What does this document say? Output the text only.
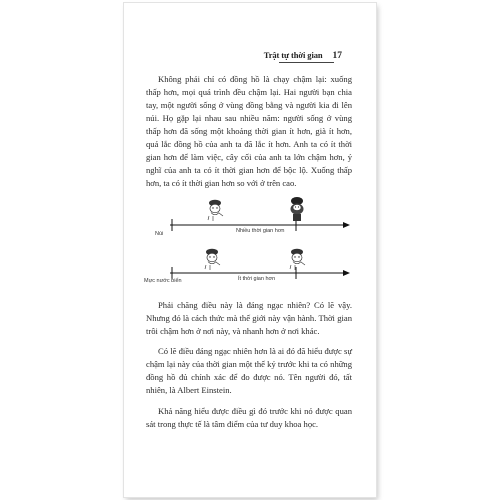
Trật tự thời gian 17

Không phải chỉ có đồng hồ là chạy chậm lại: xuống thấp hơn, mọi quá trình đều chậm lại. Hai người bạn chia tay, một người sống ở vùng đồng bằng và người kia đi lên núi. Họ gặp lại nhau sau nhiều năm: người sống ở vùng thấp hơn đã sống một khoảng thời gian ít hơn, già ít hơn, quả lắc đồng hồ của anh ta đã lắc ít hơn. Anh ta có ít thời gian hơn để làm việc, cây cối của anh ta lớn chậm hơn, ý nghĩ của anh ta có ít thời gian hơn để bộc lộ. Xuống thấp hơn, ta có ít thời gian hơn so với ở trên cao.

Núi	Nhiều thời gian hơn
Mực nước biển	Ít thời gian hơn

Phải chăng điều này là đáng ngạc nhiên? Có lẽ vậy. Nhưng đó là cách thức mà thế giới này vận hành. Thời gian trôi chậm hơn ở nơi này, và nhanh hơn ở nơi khác.

Có lẽ điều đáng ngạc nhiên hơn là ai đó đã hiểu được sự chậm lại này của thời gian một thế kỷ trước khi ta có những đồng hồ đủ chính xác để đo được nó. Tên người đó, tất nhiên, là Albert Einstein.

Khả năng hiểu được điều gì đó trước khi nó được quan sát trong thực tế là tâm điểm của tư duy khoa học.
